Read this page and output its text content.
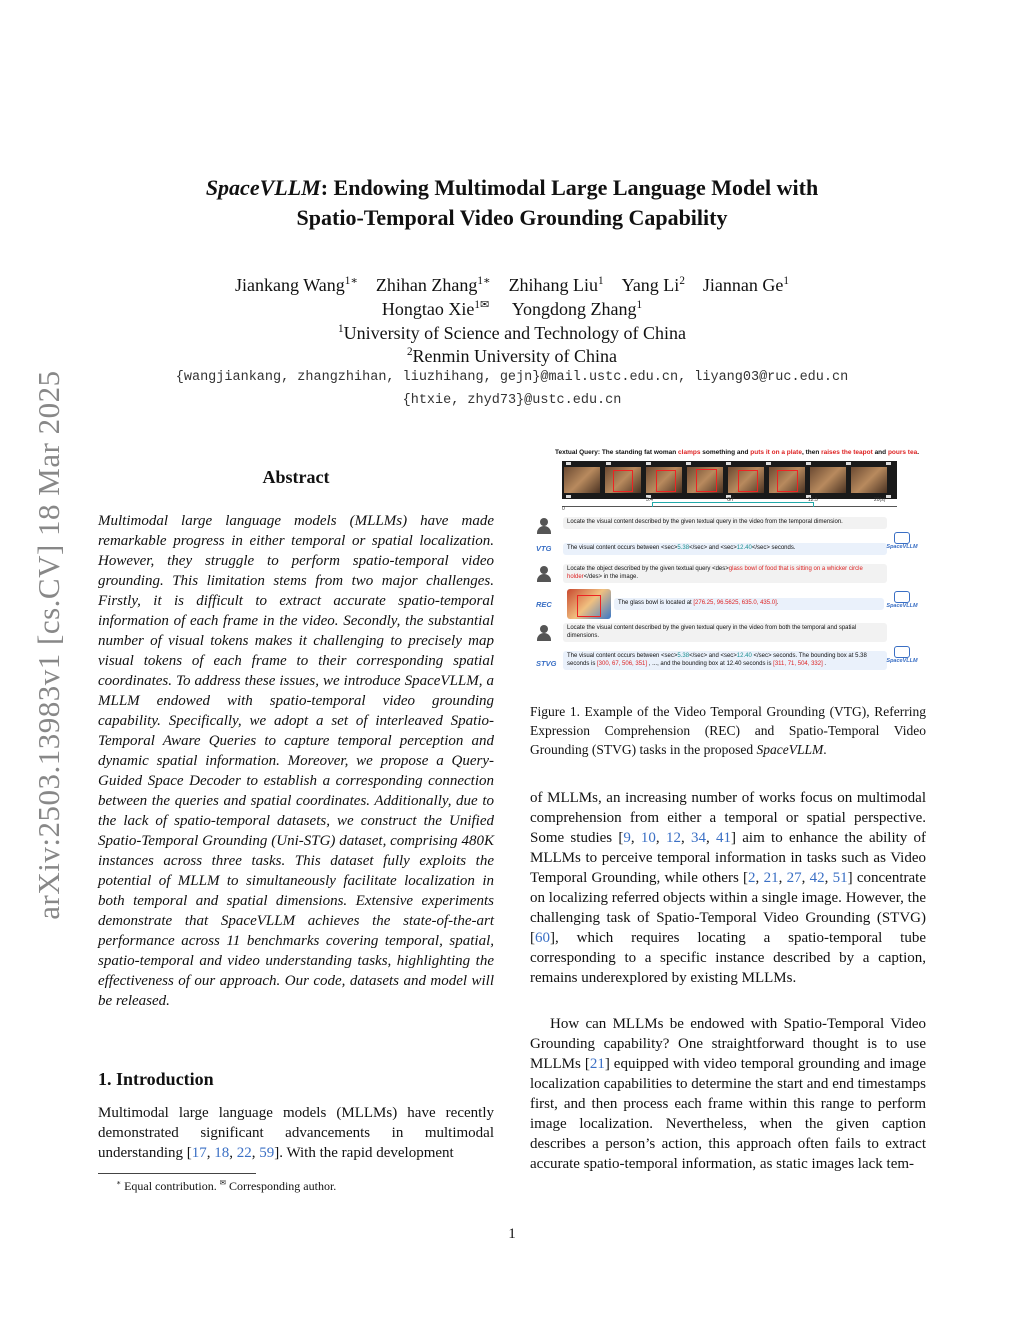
arXiv:2503.13983v1 [cs.CV] 18 Mar 2025
SpaceVLLM: Endowing Multimodal Large Language Model with
Spatio-Temporal Video Grounding Capability
Jiankang Wang$^{1∗}$ Zhihan Zhang$^{1∗}$ Zhihang Liu$^1$ Yang Li$^2$ Jiannan Ge$^1$
Hongtao Xie$^{1✉}$ Yongdong Zhang$^1$
$^1$University of Science and Technology of China
$^2$Renmin University of China
{wangjiankang, zhangzhihan, liuzhihang, gejn}@mail.ustc.edu.cn, liyang03@ruc.edu.cn
{htxie, zhyd73}@ustc.edu.cn
Abstract
Multimodal large language models (MLLMs) have made remarkable progress in either temporal or spatial localization. However, they struggle to perform spatio-temporal video grounding. This limitation stems from two major challenges. Firstly, it is difficult to extract accurate spatio-temporal information of each frame in the video. Secondly, the substantial number of visual tokens makes it challenging to precisely map visual tokens of each frame to their corresponding spatial coordinates. To address these issues, we introduce SpaceVLLM, a MLLM endowed with spatio-temporal video grounding capability. Specifically, we adopt a set of interleaved Spatio-Temporal Aware Queries to capture temporal perception and dynamic spatial information. Moreover, we propose a Query-Guided Space Decoder to establish a corresponding connection between the queries and spatial coordinates. Additionally, due to the lack of spatio-temporal datasets, we construct the Unified Spatio-Temporal Grounding (Uni-STG) dataset, comprising 480K instances across three tasks. This dataset fully exploits the potential of MLLM to simultaneously facilitate localization in both temporal and spatial dimensions. Extensive experiments demonstrate that SpaceVLLM achieves the state-of-the-art performance across 11 benchmarks covering temporal, spatial, spatio-temporal and video understanding tasks, highlighting the effectiveness of our approach. Our code, datasets and model will be released.
1. Introduction
Multimodal large language models (MLLMs) have recently demonstrated significant advancements in multimodal understanding [17, 18, 22, 59]. With the rapid development
∗ Equal contribution. ✉ Corresponding author.
Textual Query: The standing fat woman clamps something and puts it on a plate, then raises the teapot and pours tea.
0
5.4	GT	12.5	20(s)
Locate the visual content described by the given textual query in the video from the temporal dimension.
VTG	The visual content occurs between <sec>5.38</sec> and <sec>12.40</sec> seconds.	SpaceVLLM
Locate the object described by the given textual query <des>glass bowl of food that is sitting on a whicker circle holder</des> in the image.
REC	The glass bowl is located at [276.25, 96.5625, 635.0, 435.0].	SpaceVLLM
Locate the visual content described by the given textual query in the video from both the temporal and spatial dimensions.
STVG
The visual content occurs between <sec>5.38</sec> and <sec>12.40 </sec> seconds. The bounding box at 5.38 seconds is [300, 67, 506, 351] , ..., and the bounding box at 12.40 seconds is [311, 71, 504, 332] .	SpaceVLLM
Figure 1. Example of the Video Temporal Grounding (VTG), Referring Expression Comprehension (REC) and Spatio-Temporal Video Grounding (STVG) tasks in the proposed SpaceVLLM.
of MLLMs, an increasing number of works focus on multimodal comprehension from either a temporal or spatial perspective. Some studies [9, 10, 12, 34, 41] aim to enhance the ability of MLLMs to perceive temporal information in tasks such as Video Temporal Grounding, while others [2, 21, 27, 42, 51] concentrate on localizing referred objects within a single image. However, the challenging task of Spatio-Temporal Video Grounding (STVG) [60], which requires locating a spatio-temporal tube corresponding to a specific instance described by a caption, remains underexplored by existing MLLMs.
How can MLLMs be endowed with Spatio-Temporal Video Grounding capability? One straightforward thought is to use MLLMs [21] equipped with video temporal grounding and image localization capabilities to determine the start and end timestamps first, and then process each frame within this range to perform image localization. Nevertheless, when the given caption describes a person’s action, this approach often fails to extract accurate spatio-temporal information, as static images lack tem-
1
